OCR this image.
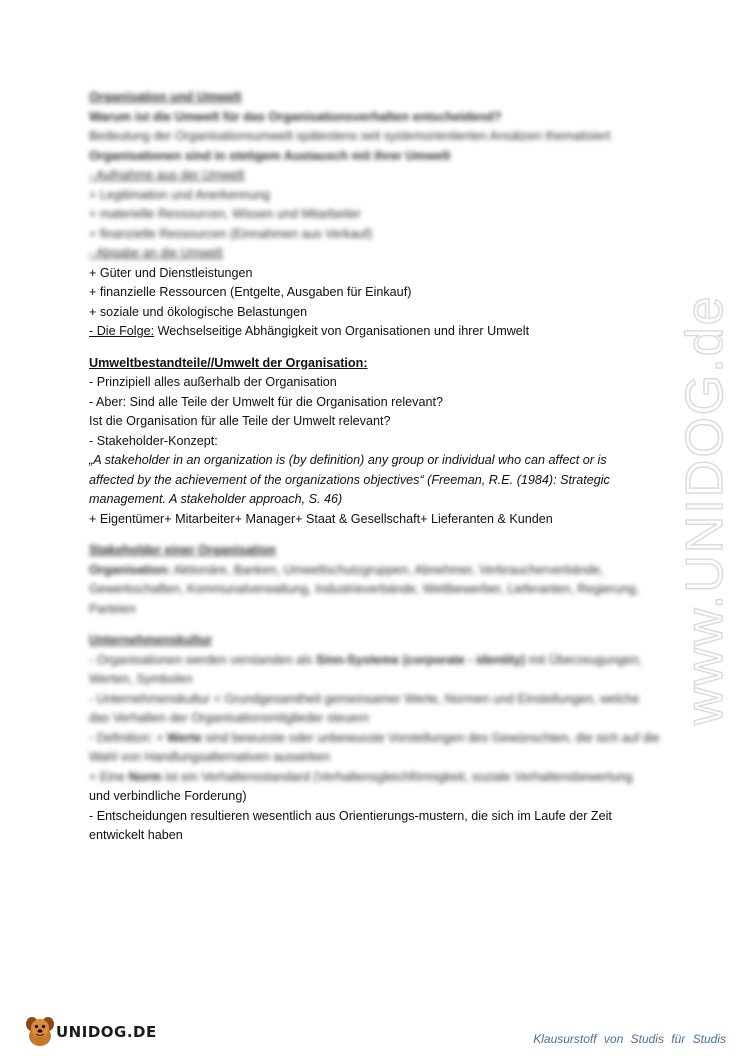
Organisation und Umwelt
Warum ist die Umwelt für das Organisationsverhalten entscheidend?
Bedeutung der Organisationsumwelt spätestens seit systemorientierten Ansätzen thematisiert
Organisationen sind in stetigem Austausch mit ihrer Umwelt
- Aufnahme aus der Umwelt
+ Legitimation und Anerkennung
+ materielle Ressourcen, Wissen und Mitarbeiter
+ finanzielle Ressourcen (Einnahmen aus Verkauf)
- Abgabe an die Umwelt
+ Güter und Dienstleistungen
+ finanzielle Ressourcen (Entgelte, Ausgaben für Einkauf)
+ soziale und ökologische Belastungen
- Die Folge: Wechselseitige Abhängigkeit von Organisationen und ihrer Umwelt
Umweltbestandteile//Umwelt der Organisation:
- Prinzipiell alles außerhalb der Organisation
- Aber: Sind alle Teile der Umwelt für die Organisation relevant?
Ist die Organisation für alle Teile der Umwelt relevant?
- Stakeholder-Konzept:
„A stakeholder in an organization is (by definition) any group or individual who can affect or is affected by the achievement of the organizations objectives“ (Freeman, R.E. (1984): Strategic management. A stakeholder approach, S. 46)
+ Eigentümer+ Mitarbeiter+ Manager+ Staat & Gesellschaft+ Lieferanten & Kunden
Stakeholder einer Organisation
Organisation: Aktionäre, Banken, Umweltschutzgruppen, Abnehmer, Verbraucherverbände, Gewerkschaften, Kommunalverwaltung, Industrieverbände, Wettbewerber, Lieferanten, Regierung, Parteien
Unternehmenskultur
- Organisationen werden verstanden als Sinn-Systeme (corporate - identity) mit Überzeugungen, Werten, Symbolen
- Unternehmenskultur = Grundgesamtheit gemeinsamer Werte, Normen und Einstellungen, welche das Verhalten der Organisationsmitglieder steuern
- Definition: + Werte sind bewusste oder unbewusste Vorstellungen des Gewünschten, die sich auf die Wahl von Handlungsalternativen auswirken
+ Eine Norm ist ein Verhaltensstandard (Verhaltensgleichförmigkeit, soziale Verhaltensbewertung
und verbindliche Forderung)
- Entscheidungen resultieren wesentlich aus Orientierungs-mustern, die sich im Laufe der Zeit entwickelt haben
www.UNIDOG.de
UNIDOG.DE	Klausurstoff von Studis für Studis
